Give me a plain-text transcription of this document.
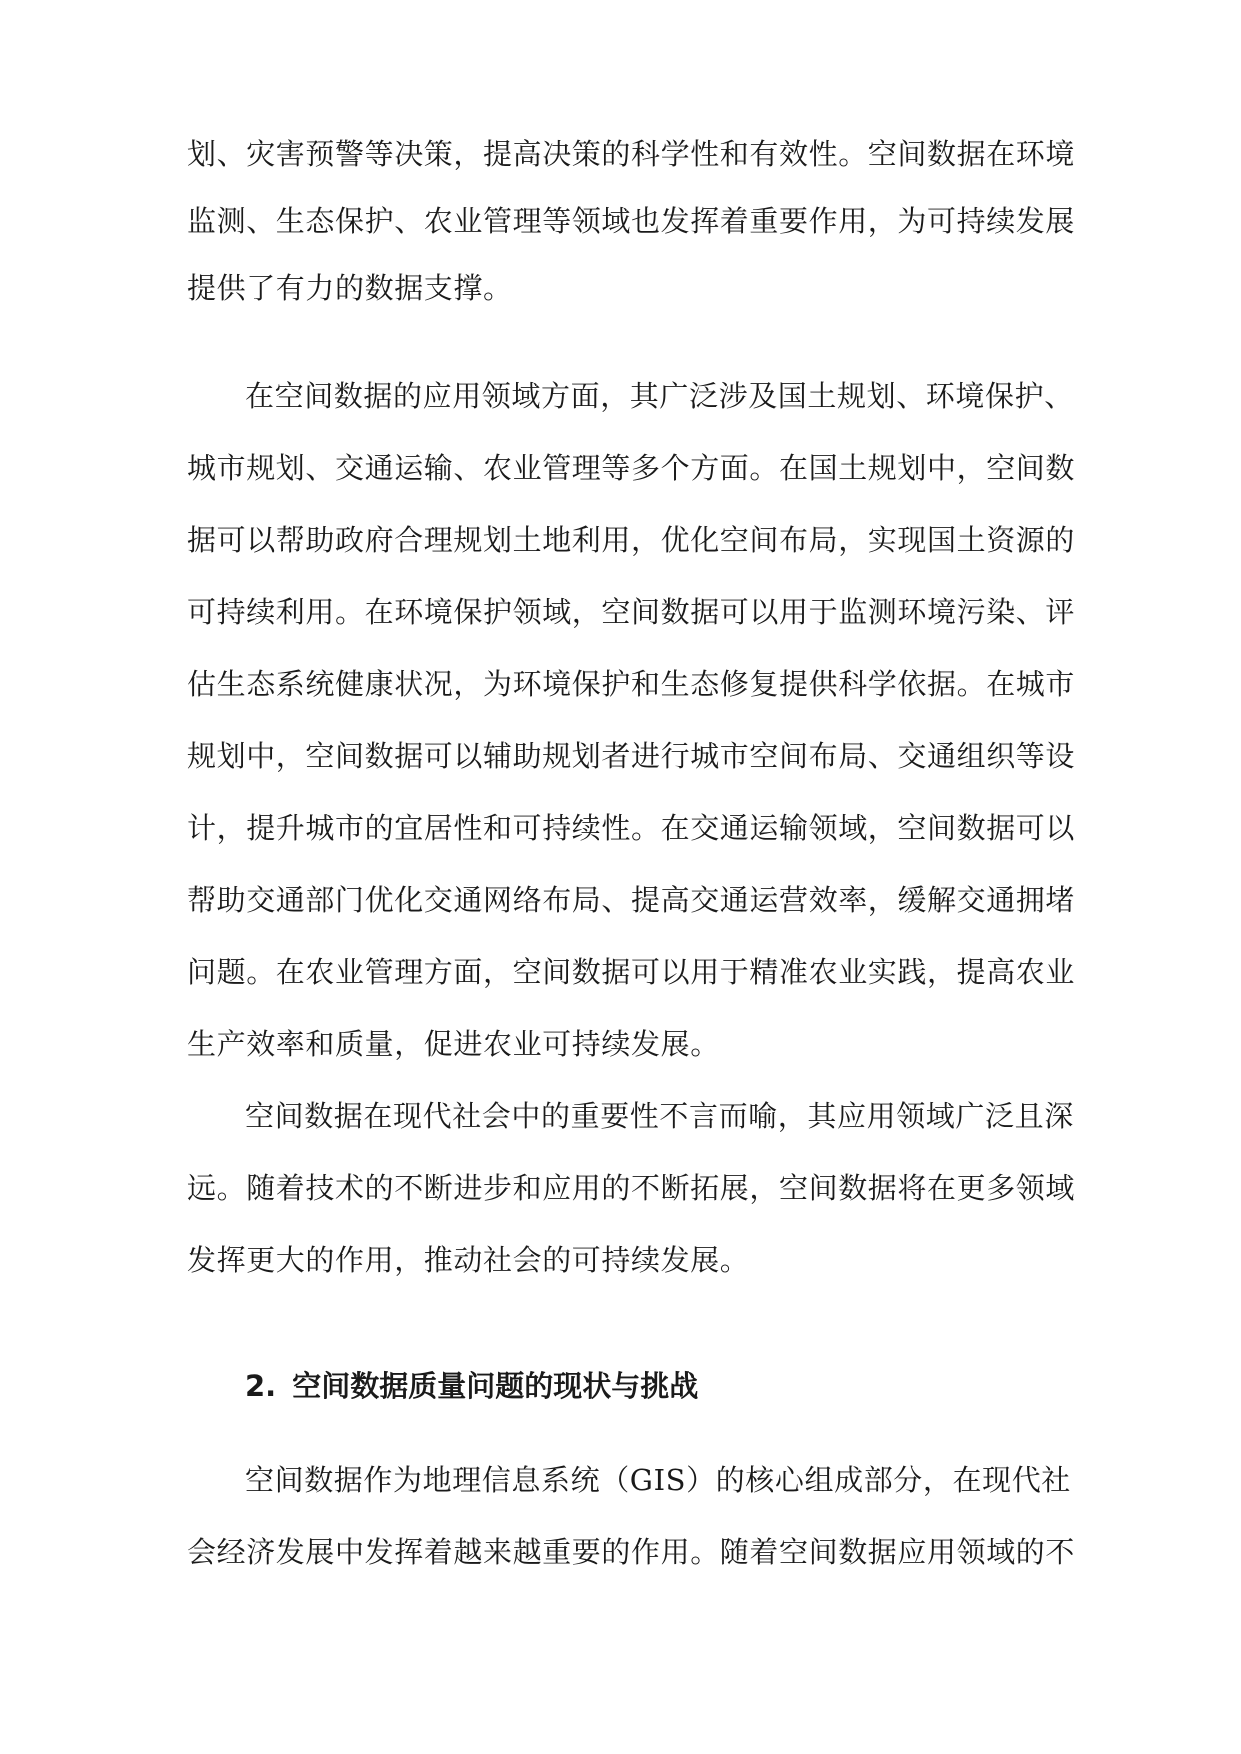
划、灾害预警等决策，提高决策的科学性和有效性。空间数据在环境
监测、生态保护、农业管理等领域也发挥着重要作用，为可持续发展
提供了有力的数据支撑。
在空间数据的应用领域方面，其广泛涉及国土规划、环境保护、
城市规划、交通运输、农业管理等多个方面。在国土规划中，空间数
据可以帮助政府合理规划土地利用，优化空间布局，实现国土资源的
可持续利用。在环境保护领域，空间数据可以用于监测环境污染、评
估生态系统健康状况，为环境保护和生态修复提供科学依据。在城市
规划中，空间数据可以辅助规划者进行城市空间布局、交通组织等设
计，提升城市的宜居性和可持续性。在交通运输领域，空间数据可以
帮助交通部门优化交通网络布局、提高交通运营效率，缓解交通拥堵
问题。在农业管理方面，空间数据可以用于精准农业实践，提高农业
生产效率和质量，促进农业可持续发展。
空间数据在现代社会中的重要性不言而喻，其应用领域广泛且深
远。随着技术的不断进步和应用的不断拓展，空间数据将在更多领域
发挥更大的作用，推动社会的可持续发展。
2. 空间数据质量问题的现状与挑战
空间数据作为地理信息系统（GIS）的核心组成部分，在现代社
会经济发展中发挥着越来越重要的作用。随着空间数据应用领域的不
